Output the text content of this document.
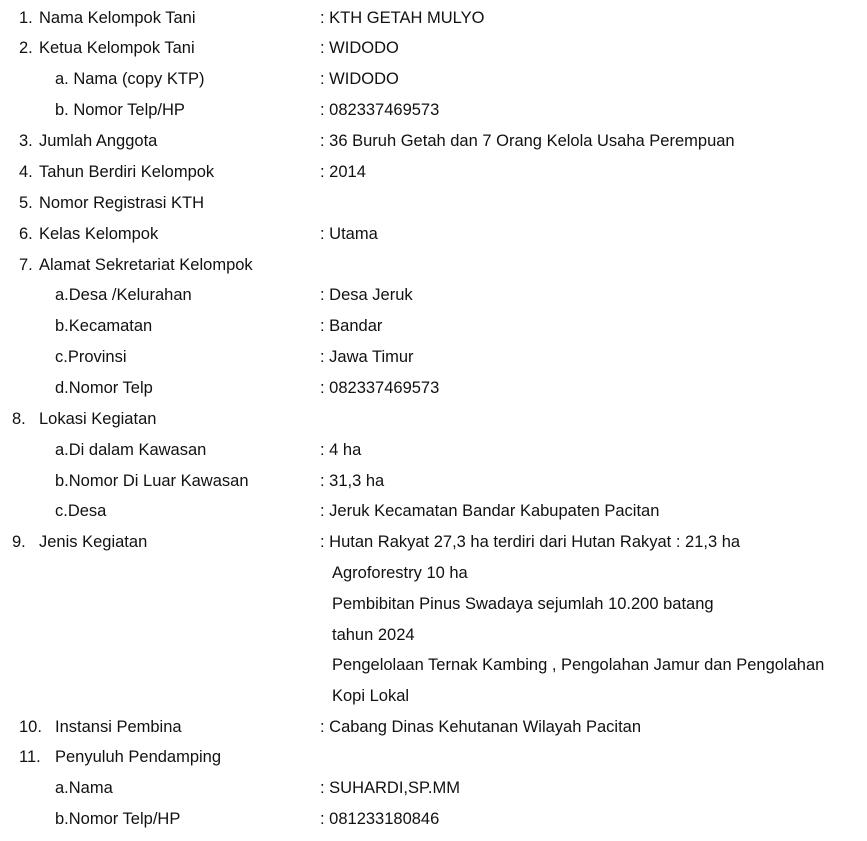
1. Nama Kelompok Tani	: KTH GETAH MULYO
2. Ketua Kelompok Tani	: WIDODO
a. Nama (copy KTP)	: WIDODO
b. Nomor Telp/HP	: 082337469573
3. Jumlah Anggota	: 36 Buruh Getah dan 7 Orang Kelola Usaha Perempuan
4. Tahun Berdiri Kelompok	: 2014
5. Nomor Registrasi KTH
6. Kelas Kelompok	: Utama
7. Alamat Sekretariat Kelompok
a.Desa /Kelurahan	: Desa Jeruk
b.Kecamatan	: Bandar
c.Provinsi	: Jawa Timur
d.Nomor Telp	: 082337469573
8. Lokasi Kegiatan
a.Di dalam Kawasan	: 4 ha
b.Nomor Di Luar Kawasan	: 31,3 ha
c.Desa	: Jeruk Kecamatan Bandar Kabupaten Pacitan
9. Jenis Kegiatan	: Hutan Rakyat 27,3 ha terdiri dari Hutan Rakyat : 21,3 ha
Agroforestry 10 ha
Pembibitan Pinus Swadaya sejumlah 10.200 batang
tahun 2024
Pengelolaan Ternak Kambing , Pengolahan Jamur dan Pengolahan
Kopi Lokal
10. Instansi Pembina	: Cabang Dinas Kehutanan Wilayah Pacitan
11. Penyuluh Pendamping
a.Nama	: SUHARDI,SP.MM
b.Nomor Telp/HP	: 081233180846
